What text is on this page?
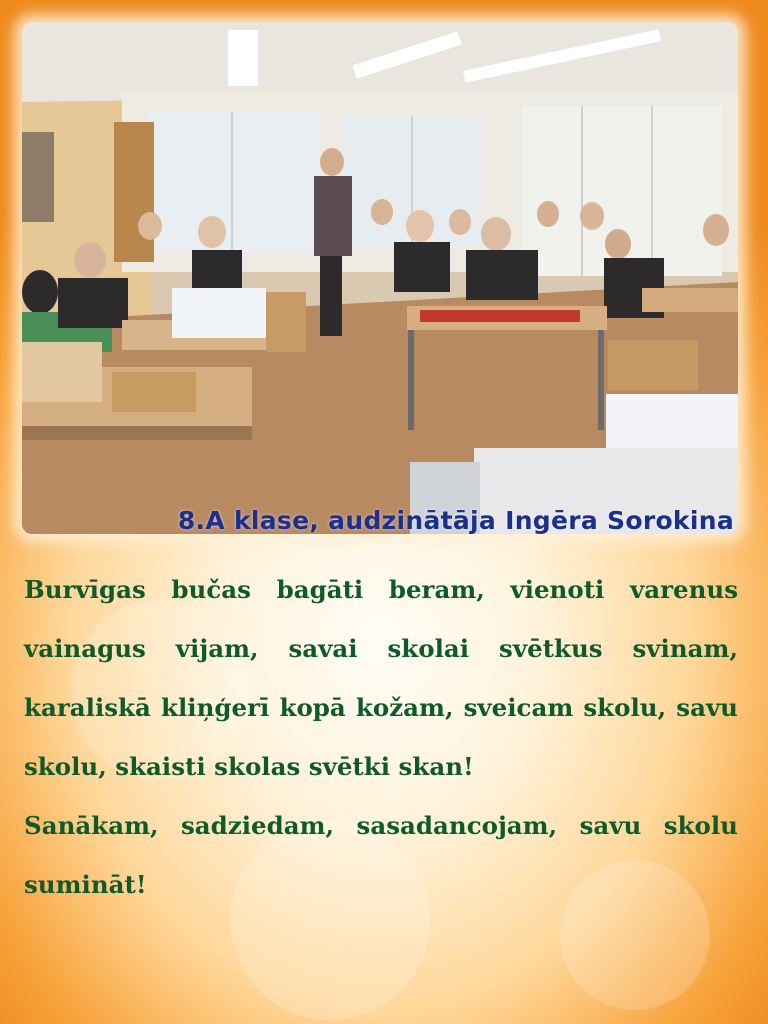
8.A klase, audzinātāja Ingēra Sorokina

Burvīgas bučas bagāti beram, vienoti varenus vainagus vijam, savai skolai svētkus svinam, karaliskā kliņģerī kopā kožam, sveicam skolu, savu skolu, skaisti skolas svētki skan!

Sanākam, sadziedam, sasadancojam, savu skolu sumināt!
